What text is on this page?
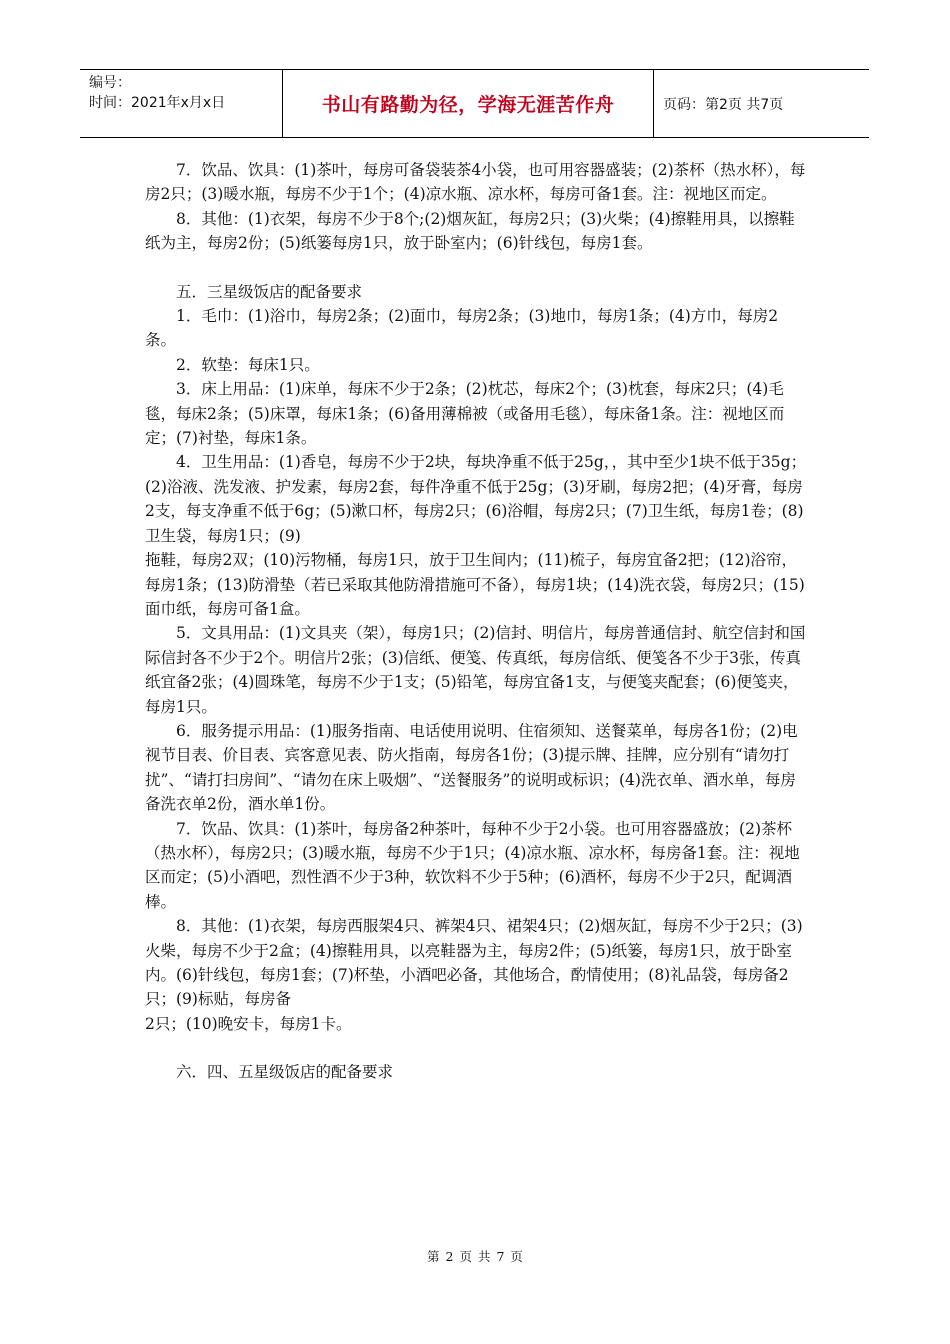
编号：
时间：2021年x月x日	书山有路勤为径，学海无涯苦作舟	页码：第2页 共7页

7．饮品、饮具：(1)茶叶，每房可备袋装茶4小袋，也可用容器盛装；(2)茶杯（热水杯），每房2只；(3)暖水瓶，每房不少于1个；(4)凉水瓶、凉水杯，每房可备1套。注：视地区而定。

8．其他：(1)衣架，每房不少于8个;(2)烟灰缸，每房2只；(3)火柴；(4)擦鞋用具，以擦鞋纸为主，每房2份；(5)纸篓每房1只，放于卧室内；(6)针线包，每房1套。

五．三星级饭店的配备要求

1．毛巾：(1)浴巾，每房2条；(2)面巾，每房2条；(3)地巾，每房1条；(4)方巾，每房2条。

2．软垫：每床1只。

3．床上用品：(1)床单，每床不少于2条；(2)枕芯，每床2个；(3)枕套，每床2只；(4)毛毯，每床2条；(5)床罩，每床1条；(6)备用薄棉被（或备用毛毯），每床备1条。注：视地区而定；(7)衬垫，每床1条。

4．卫生用品：(1)香皂，每房不少于2块，每块净重不低于25g，，其中至少1块不低于35g；(2)浴液、洗发液、护发素，每房2套，每件净重不低于25g；(3)牙刷，每房2把；(4)牙膏，每房2支，每支净重不低于6g；(5)漱口杯，每房2只；(6)浴帽，每房2只；(7)卫生纸，每房1卷；(8)卫生袋，每房1只；(9)

拖鞋，每房2双；(10)污物桶，每房1只，放于卫生间内；(11)梳子，每房宜备2把；(12)浴帘，每房1条；(13)防滑垫（若已采取其他防滑措施可不备），每房1块；(14)洗衣袋，每房2只；(15)面巾纸，每房可备1盒。

5．文具用品：(1)文具夹（架），每房1只；(2)信封、明信片，每房普通信封、航空信封和国际信封各不少于2个。明信片2张；(3)信纸、便笺、传真纸，每房信纸、便笺各不少于3张，传真纸宜备2张；(4)圆珠笔，每房不少于1支；(5)铅笔，每房宜备1支，与便笺夹配套；(6)便笺夹，每房1只。

6．服务提示用品：(1)服务指南、电话使用说明、住宿须知、送餐菜单，每房各1份；(2)电视节目表、价目表、宾客意见表、防火指南，每房各1份；(3)提示牌、挂牌，应分别有“请勿打扰”、“请打扫房间”、“请勿在床上吸烟”、“送餐服务”的说明或标识；(4)洗衣单、酒水单，每房备洗衣单2份，酒水单1份。

7．饮品、饮具：(1)茶叶，每房备2种茶叶，每种不少于2小袋。也可用容器盛放；(2)茶杯（热水杯），每房2只；(3)暖水瓶，每房不少于1只；(4)凉水瓶、凉水杯，每房备1套。注：视地区而定；(5)小酒吧，烈性酒不少于3种，软饮料不少于5种；(6)酒杯，每房不少于2只，配调酒棒。

8．其他：(1)衣架，每房西服架4只、裤架4只、裙架4只；(2)烟灰缸，每房不少于2只；(3)火柴，每房不少于2盒；(4)擦鞋用具，以亮鞋器为主，每房2件；(5)纸篓，每房1只，放于卧室内。(6)针线包，每房1套；(7)杯垫，小酒吧必备，其他场合，酌情使用；(8)礼品袋，每房备2只；(9)标贴，每房备

2只；(10)晚安卡，每房1卡。

六．四、五星级饭店的配备要求

第 2 页 共 7 页
